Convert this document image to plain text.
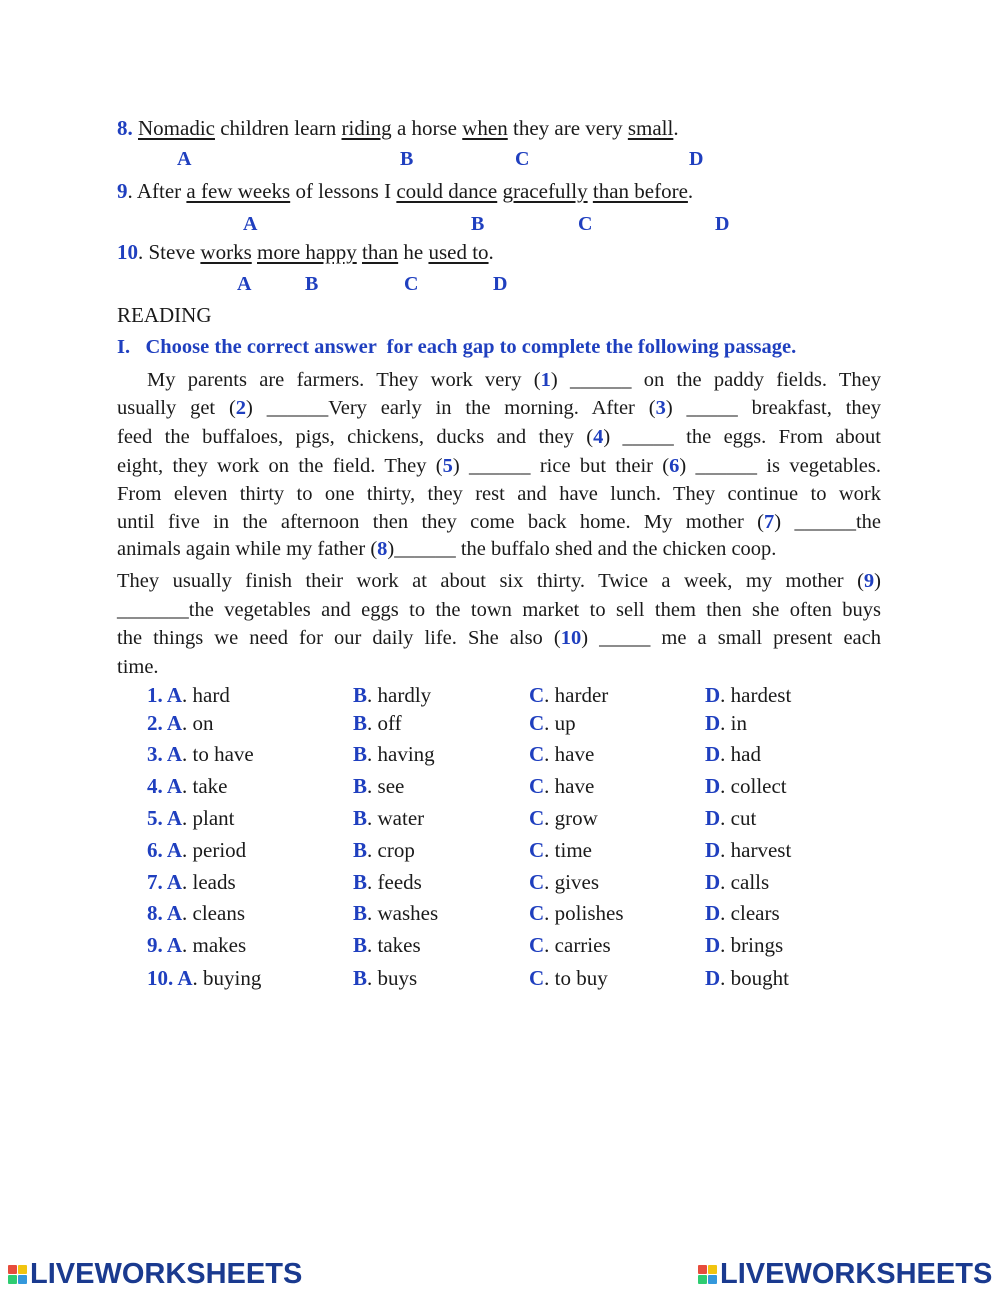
8. Nomadic children learn riding a horse when they are very small.
A	B	C	D
9. After a few weeks of lessons I could dance gracefully than before.
A	B	C	D
10. Steve works more happy than he used to.
A	B	C	D
READING
I.   Choose the correct answer  for each gap to complete the following passage.
My parents are farmers. They work very (1) ______ on the paddy fields. They
usually get (2) ______Very early in the morning. After (3) _____ breakfast, they
feed the buffaloes, pigs, chickens, ducks and they (4) _____ the eggs. From about
eight, they work on the field. They (5) ______ rice but their (6) ______ is vegetables.
From eleven thirty to one thirty, they rest and have lunch. They continue to work
until five in the afternoon then they come back home. My mother (7) ______the
animals again while my father (8)______ the buffalo shed and the chicken coop.
They usually finish their work at about six thirty. Twice a week, my mother (9)
_______the vegetables and eggs to the town market to sell them then she often buys
the things we need for our daily life. She also (10) _____ me a small present each
time.
1. A. hard	B. hardly	C. harder	D. hardest
2. A. on	B. off	C. up	D. in
3. A. to have	B. having	C. have	D. had
4. A. take	B. see	C. have	D. collect
5. A. plant	B. water	C. grow	D. cut
6. A. period	B. crop	C. time	D. harvest
7. A. leads	B. feeds	C. gives	D. calls
8. A. cleans	B. washes	C. polishes	D. clears
9. A. makes	B. takes	C. carries	D. brings
10. A. buying	B. buys	C. to buy	D. bought
LIVEWORKSHEETS	LIVEWORKSHEETS
